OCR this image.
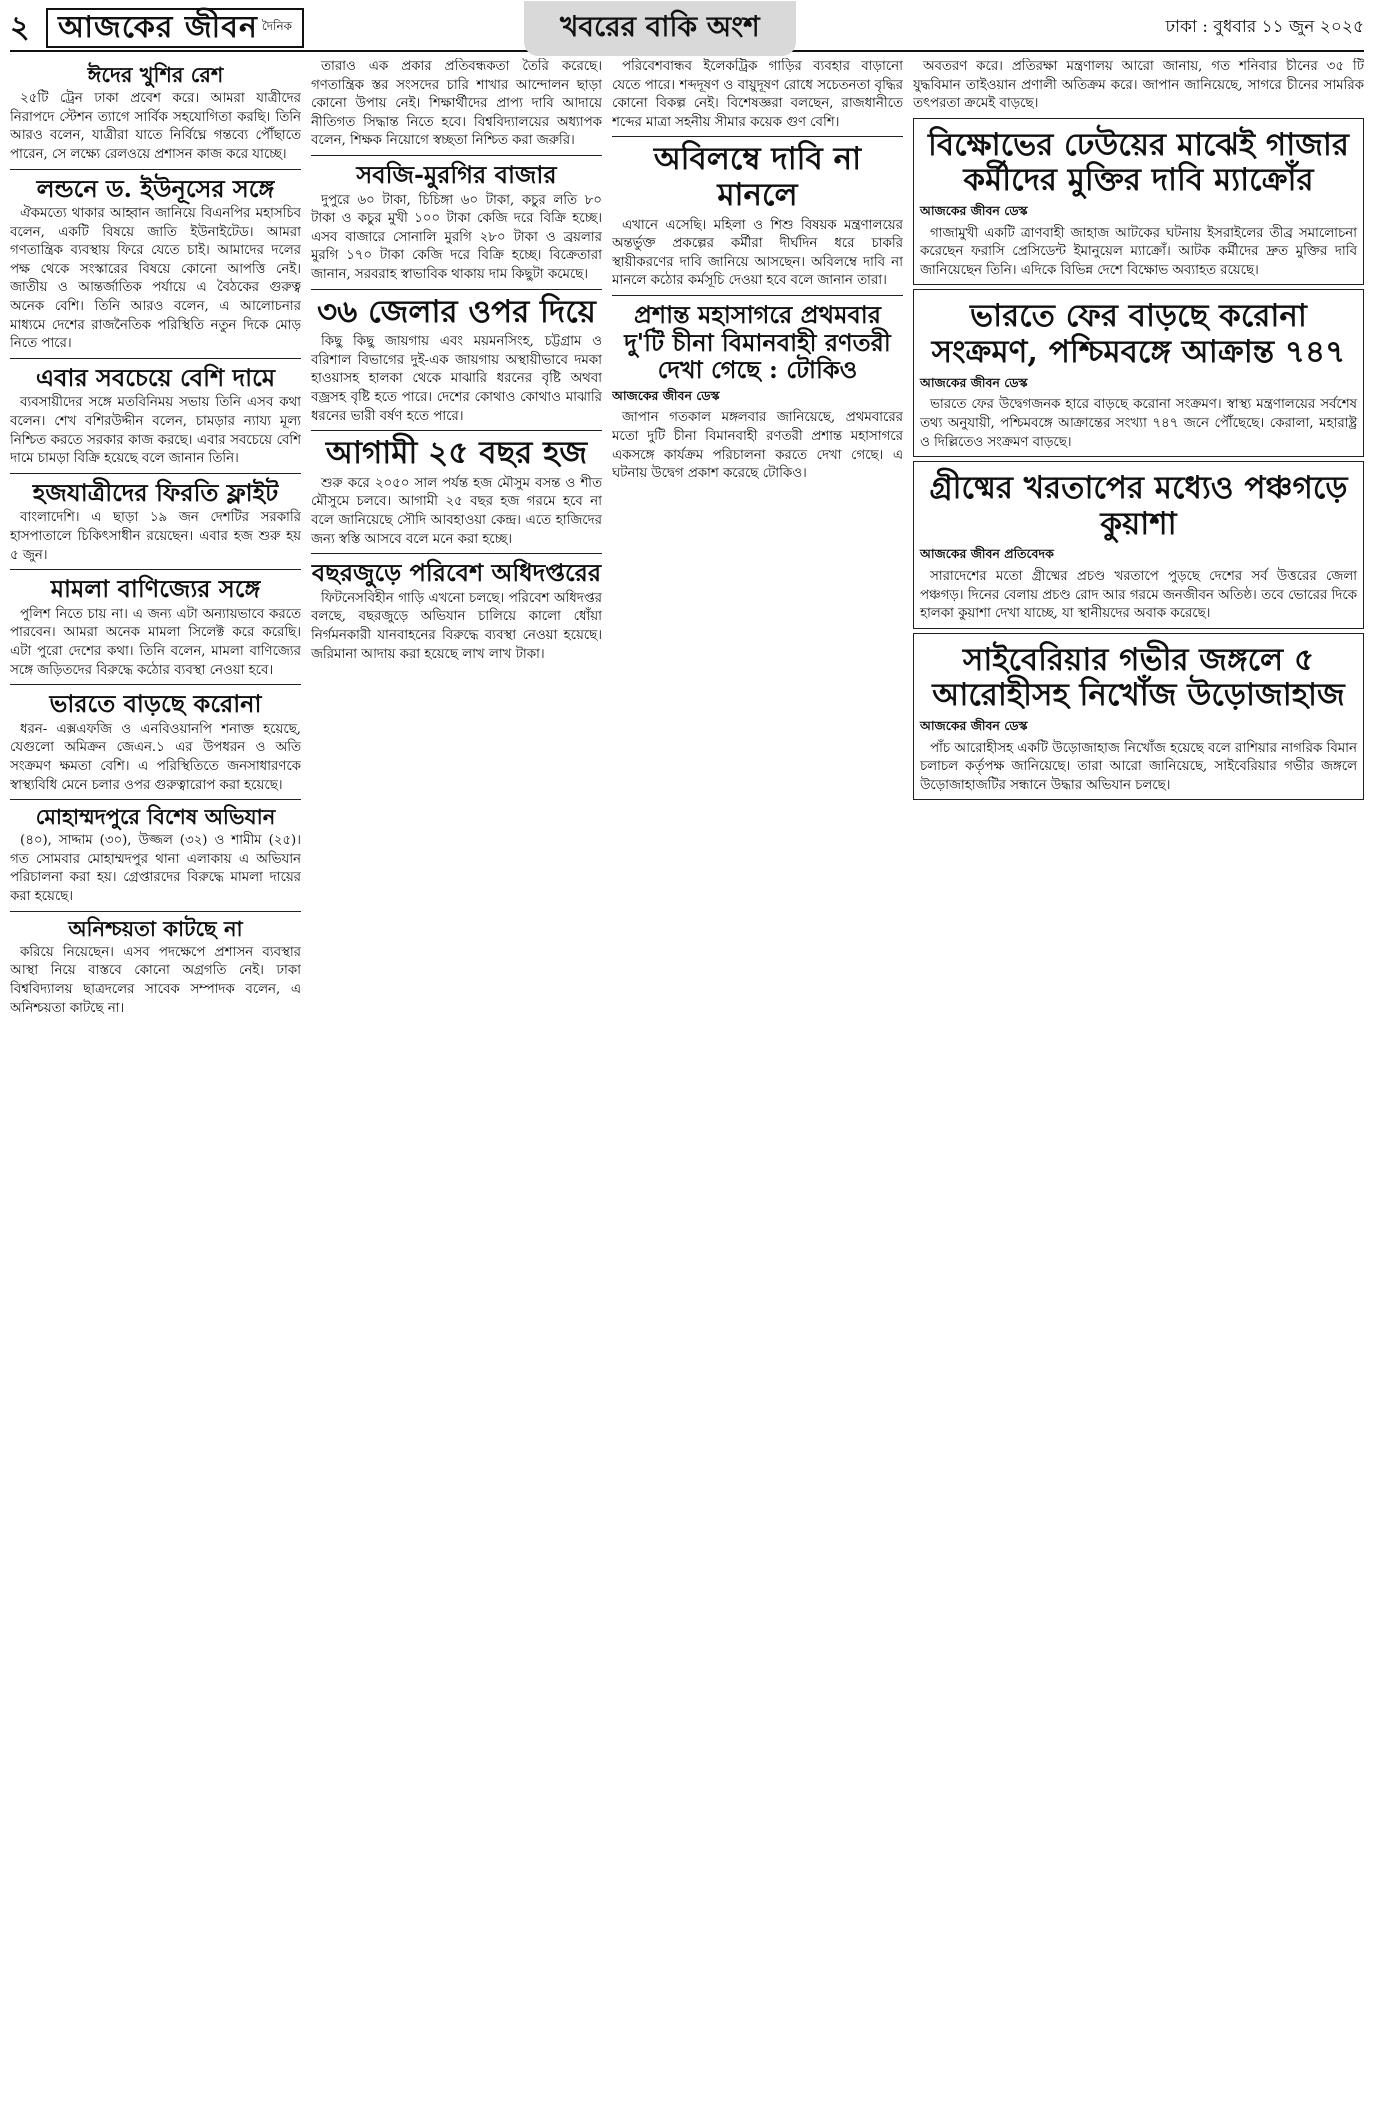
২ আজকের জীবন দৈনিক	খবরের বাকি অংশ	ঢাকা : বুধবার ১১ জুন ২০২৫
ঈদের খুশির রেশ

২৫টি ট্রেন ঢাকা প্রবেশ করে। আমরা যাত্রীদের নিরাপদে স্টেশন ত্যাগে সার্বিক সহযোগিতা করছি। তিনি আরও বলেন, যাত্রীরা যাতে নির্বিঘ্নে গন্তব্যে পৌঁছাতে পারেন, সে লক্ষ্যে রেলওয়ে প্রশাসন কাজ করে যাচ্ছে।

লন্ডনে ড. ইউনূসের সঙ্গে

ঐকমত্যে থাকার আহ্বান জানিয়ে বিএনপির মহাসচিব বলেন, একটি বিষয়ে জাতি ইউনাইটেড। আমরা গণতান্ত্রিক ব্যবস্থায় ফিরে যেতে চাই। আমাদের দলের পক্ষ থেকে সংস্কারের বিষয়ে কোনো আপত্তি নেই। জাতীয় ও আন্তর্জাতিক পর্যায়ে এ বৈঠকের গুরুত্ব অনেক বেশি। তিনি আরও বলেন, এ আলোচনার মাধ্যমে দেশের রাজনৈতিক পরিস্থিতি নতুন দিকে মোড় নিতে পারে।

এবার সবচেয়ে বেশি দামে

ব্যবসায়ীদের সঙ্গে মতবিনিময় সভায় তিনি এসব কথা বলেন। শেখ বশিরউদ্দীন বলেন, চামড়ার ন্যায্য মূল্য নিশ্চিত করতে সরকার কাজ করছে। এবার সবচেয়ে বেশি দামে চামড়া বিক্রি হয়েছে বলে জানান তিনি।

হজযাত্রীদের ফিরতি ফ্লাইট

বাংলাদেশি। এ ছাড়া ১৯ জন দেশটির সরকারি হাসপাতালে চিকিৎসাধীন রয়েছেন। এবার হজ শুরু হয় ৫ জুন।

মামলা বাণিজ্যের সঙ্গে

পুলিশ নিতে চায় না। এ জন্য এটা অন্যায়ভাবে করতে পারবেন। আমরা অনেক মামলা সিলেক্ট করে করেছি। এটা পুরো দেশের কথা। তিনি বলেন, মামলা বাণিজ্যের সঙ্গে জড়িতদের বিরুদ্ধে কঠোর ব্যবস্থা নেওয়া হবে।

ভারতে বাড়ছে করোনা

ধরন- এক্সএফজি ও এনবিওয়ানপি শনাক্ত হয়েছে, যেগুলো অমিক্রন জেএন.১ এর উপধরন ও অতি সংক্রমণ ক্ষমতা বেশি। এ পরিস্থিতিতে জনসাধারণকে স্বাস্থ্যবিধি মেনে চলার ওপর গুরুত্বারোপ করা হয়েছে।

মোহাম্মদপুরে বিশেষ অভিযান

(৪০), সাদ্দাম (৩০), উজ্জল (৩২) ও শামীম (২৫)। গত সোমবার মোহাম্মদপুর থানা এলাকায় এ অভিযান পরিচালনা করা হয়। গ্রেপ্তারদের বিরুদ্ধে মামলা দায়ের করা হয়েছে।

অনিশ্চয়তা কাটছে না

করিয়ে নিয়েছেন। এসব পদক্ষেপে প্রশাসন ব্যবস্থার আস্থা নিয়ে বাস্তবে কোনো অগ্রগতি নেই। ঢাকা বিশ্ববিদ্যালয় ছাত্রদলের সাবেক সম্পাদক বলেন, এ অনিশ্চয়তা কাটছে না।

তারাও এক প্রকার প্রতিবন্ধকতা তৈরি করেছে। গণতান্ত্রিক স্তর সংসদের চারি শাখার আন্দোলন ছাড়া কোনো উপায় নেই। শিক্ষার্থীদের প্রাপ্য দাবি আদায়ে নীতিগত সিদ্ধান্ত নিতে হবে। বিশ্ববিদ্যালয়ের অধ্যাপক বলেন, শিক্ষক নিয়োগে স্বচ্ছতা নিশ্চিত করা জরুরি।

সবজি-মুরগির বাজার

দুপুরে ৬০ টাকা, চিচিঙ্গা ৬০ টাকা, কচুর লতি ৮০ টাকা ও কচুর মুখী ১০০ টাকা কেজি দরে বিক্রি হচ্ছে। এসব বাজারে সোনালি মুরগি ২৮০ টাকা ও ব্রয়লার মুরগি ১৭০ টাকা কেজি দরে বিক্রি হচ্ছে। বিক্রেতারা জানান, সরবরাহ স্বাভাবিক থাকায় দাম কিছুটা কমেছে।

৩৬ জেলার ওপর দিয়ে

কিছু কিছু জায়গায় এবং ময়মনসিংহ, চট্টগ্রাম ও বরিশাল বিভাগের দুই-এক জায়গায় অস্থায়ীভাবে দমকা হাওয়াসহ হালকা থেকে মাঝারি ধরনের বৃষ্টি অথবা বজ্রসহ বৃষ্টি হতে পারে। দেশের কোথাও কোথাও মাঝারি ধরনের ভারী বর্ষণ হতে পারে।

আগামী ২৫ বছর হজ

শুরু করে ২০৫০ সাল পর্যন্ত হজ মৌসুম বসন্ত ও শীত মৌসুমে চলবে। আগামী ২৫ বছর হজ গরমে হবে না বলে জানিয়েছে সৌদি আবহাওয়া কেন্দ্র। এতে হাজিদের জন্য স্বস্তি আসবে বলে মনে করা হচ্ছে।

বছরজুড়ে পরিবেশ অধিদপ্তরের

ফিটনেসবিহীন গাড়ি এখনো চলছে। পরিবেশ অধিদপ্তর বলছে, বছরজুড়ে অভিযান চালিয়ে কালো ধোঁয়া নির্গমনকারী যানবাহনের বিরুদ্ধে ব্যবস্থা নেওয়া হয়েছে। জরিমানা আদায় করা হয়েছে লাখ লাখ টাকা।

পরিবেশবান্ধব ইলেকট্রিক গাড়ির ব্যবহার বাড়ানো যেতে পারে। শব্দদূষণ ও বায়ুদূষণ রোধে সচেতনতা বৃদ্ধির কোনো বিকল্প নেই। বিশেষজ্ঞরা বলছেন, রাজধানীতে শব্দের মাত্রা সহনীয় সীমার কয়েক গুণ বেশি।

অবিলম্বে দাবি না মানলে

এখানে এসেছি। মহিলা ও শিশু বিষয়ক মন্ত্রণালয়ের অন্তর্ভুক্ত প্রকল্পের কর্মীরা দীর্ঘদিন ধরে চাকরি স্থায়ীকরণের দাবি জানিয়ে আসছেন। অবিলম্বে দাবি না মানলে কঠোর কর্মসূচি দেওয়া হবে বলে জানান তারা।

প্রশান্ত মহাসাগরে প্রথমবার দু'টি চীনা বিমানবাহী রণতরী দেখা গেছে : টোকিও
আজকের জীবন ডেস্ক

জাপান গতকাল মঙ্গলবার জানিয়েছে, প্রথমবারের মতো দুটি চীনা বিমানবাহী রণতরী প্রশান্ত মহাসাগরে একসঙ্গে কার্যক্রম পরিচালনা করতে দেখা গেছে। এ ঘটনায় উদ্বেগ প্রকাশ করেছে টোকিও।

অবতরণ করে। প্রতিরক্ষা মন্ত্রণালয় আরো জানায়, গত শনিবার চীনের ৩৫ টি যুদ্ধবিমান তাইওয়ান প্রণালী অতিক্রম করে। জাপান জানিয়েছে, সাগরে চীনের সামরিক তৎপরতা ক্রমেই বাড়ছে।

বিক্ষোভের ঢেউয়ের মাঝেই গাজার কর্মীদের মুক্তির দাবি ম্যাক্রোঁর
আজকের জীবন ডেস্ক

গাজামুখী একটি ত্রাণবাহী জাহাজ আটকের ঘটনায় ইসরাইলের তীব্র সমালোচনা করেছেন ফরাসি প্রেসিডেন্ট ইমানুয়েল ম্যাক্রোঁ। আটক কর্মীদের দ্রুত মুক্তির দাবি জানিয়েছেন তিনি। এদিকে বিভিন্ন দেশে বিক্ষোভ অব্যাহত রয়েছে।

ভারতে ফের বাড়ছে করোনা সংক্রমণ, পশ্চিমবঙ্গে আক্রান্ত ৭৪৭
আজকের জীবন ডেস্ক

ভারতে ফের উদ্বেগজনক হারে বাড়ছে করোনা সংক্রমণ। স্বাস্থ্য মন্ত্রণালয়ের সর্বশেষ তথ্য অনুযায়ী, পশ্চিমবঙ্গে আক্রান্তের সংখ্যা ৭৪৭ জনে পৌঁছেছে। কেরালা, মহারাষ্ট্র ও দিল্লিতেও সংক্রমণ বাড়ছে।

গ্রীষ্মের খরতাপের মধ্যেও পঞ্চগড়ে কুয়াশা
আজকের জীবন প্রতিবেদক

সারাদেশের মতো গ্রীষ্মের প্রচণ্ড খরতাপে পুড়ছে দেশের সর্ব উত্তরের জেলা পঞ্চগড়। দিনের বেলায় প্রচণ্ড রোদ আর গরমে জনজীবন অতিষ্ঠ। তবে ভোরের দিকে হালকা কুয়াশা দেখা যাচ্ছে, যা স্থানীয়দের অবাক করেছে।

সাইবেরিয়ার গভীর জঙ্গলে ৫ আরোহীসহ নিখোঁজ উড়োজাহাজ
আজকের জীবন ডেস্ক

পাঁচ আরোহীসহ একটি উড়োজাহাজ নিখোঁজ হয়েছে বলে রাশিয়ার নাগরিক বিমান চলাচল কর্তৃপক্ষ জানিয়েছে। তারা আরো জানিয়েছে, সাইবেরিয়ার গভীর জঙ্গলে উড়োজাহাজটির সন্ধানে উদ্ধার অভিযান চলছে।
